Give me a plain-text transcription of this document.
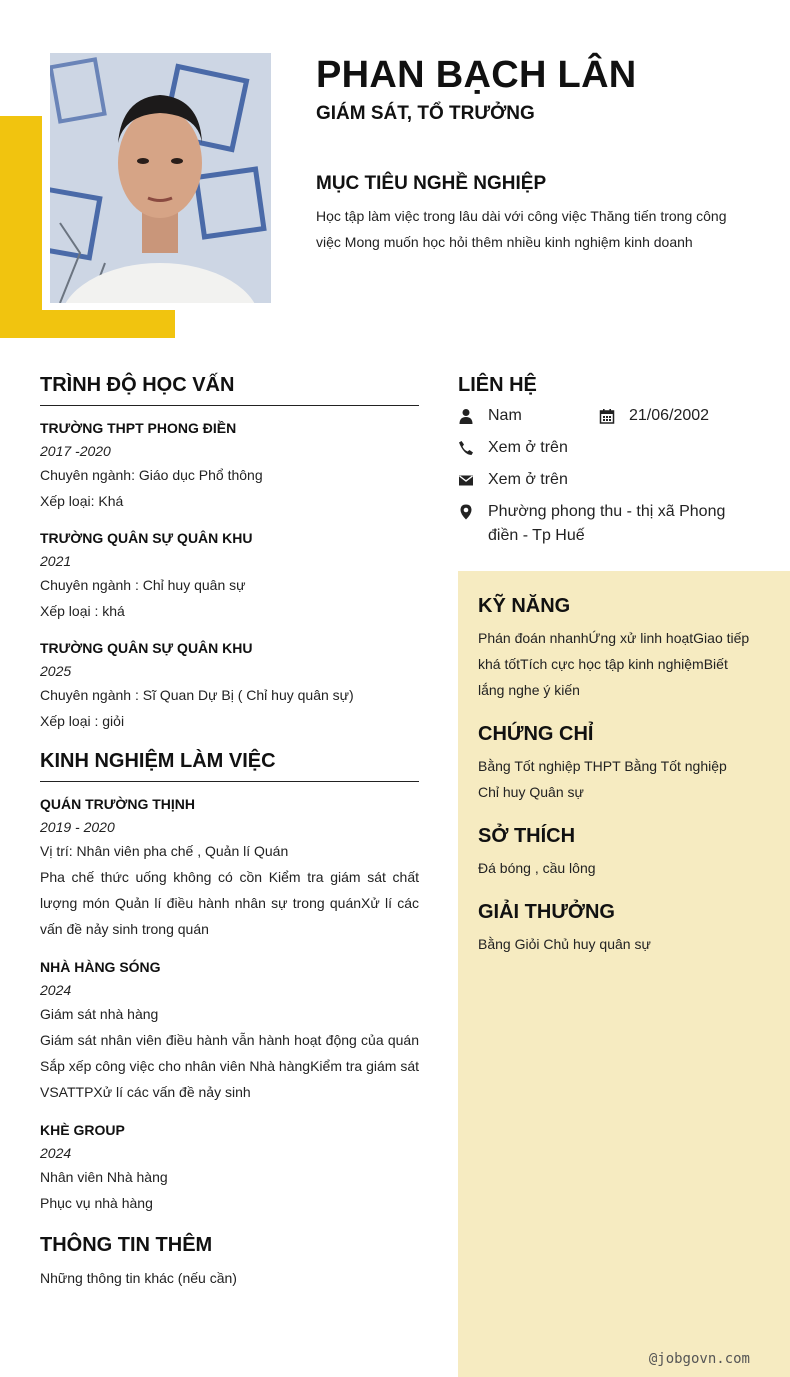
PHAN BẠCH LÂN
GIÁM SÁT, TỔ TRƯỞNG
MỤC TIÊU NGHỀ NGHIỆP
Học tập làm việc trong lâu dài với công việc Thăng tiến trong công việc Mong muốn học hỏi thêm nhiều kinh nghiệm kinh doanh
TRÌNH ĐỘ HỌC VẤN
TRƯỜNG THPT PHONG ĐIỀN
2017 -2020
Chuyên ngành: Giáo dục Phổ thông
Xếp loại: Khá
TRƯỜNG QUÂN SỰ QUÂN KHU
2021
Chuyên ngành : Chỉ huy quân sự
Xếp loại : khá
TRƯỜNG QUÂN SỰ QUÂN KHU
2025
Chuyên ngành : Sĩ Quan Dự Bị ( Chỉ huy quân sự)
Xếp loại : giỏi
KINH NGHIỆM LÀM VIỆC
QUÁN TRƯỜNG THỊNH
2019 - 2020
Vị trí: Nhân viên pha chế , Quản lí Quán
Pha chế thức uống không có cồn Kiểm tra giám sát chất lượng món Quản lí điều hành nhân sự trong quánXử lí các vấn đề nảy sinh trong quán
NHÀ HÀNG SÓNG
2024
Giám sát nhà hàng
Giám sát nhân viên điều hành vẫn hành hoạt động của quán Sắp xếp công việc cho nhân viên Nhà hàngKiểm tra giám sát VSATTPXử lí các vấn đề nảy sinh
KHÈ GROUP
2024
Nhân viên Nhà hàng
Phục vụ nhà hàng
THÔNG TIN THÊM
Những thông tin khác (nếu cần)
LIÊN HỆ
Nam	21/06/2002
Xem ở trên
Xem ở trên
Phường phong thu - thị xã Phong điền - Tp Huế
KỸ NĂNG
Phán đoán nhanhỨng xử linh hoạtGiao tiếp khá tốtTích cực học tập kinh nghiệmBiết lắng nghe ý kiến
CHỨNG CHỈ
Bằng Tốt nghiệp THPT Bằng Tốt nghiệp Chỉ huy Quân sự
SỞ THÍCH
Đá bóng , cầu lông
GIẢI THƯỞNG
Bằng Giỏi Chủ huy quân sự
@jobgovn.com
